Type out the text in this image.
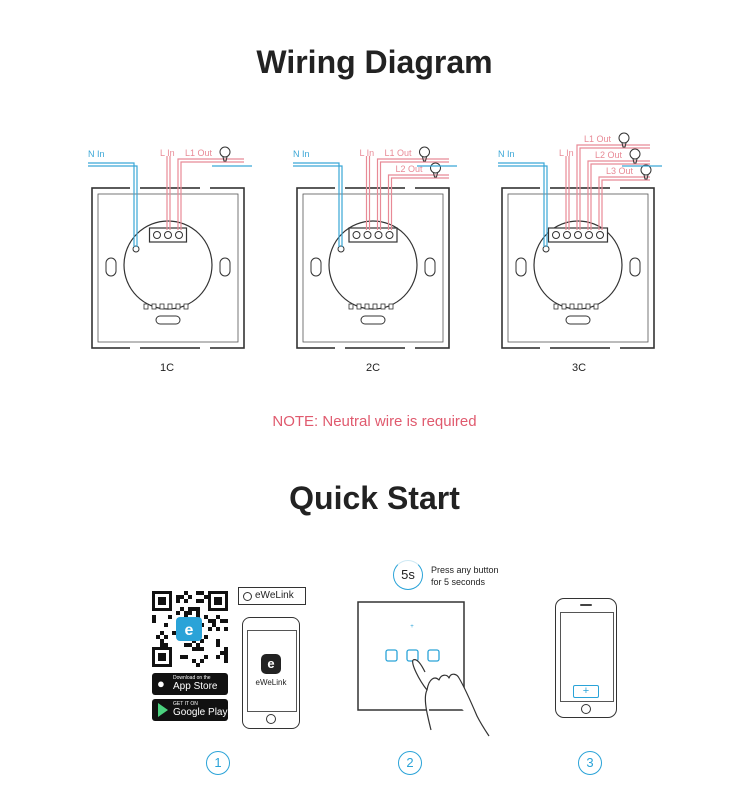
Wiring Diagram
N In	L In L1 Out	N In	L In L1 Out
L2 Out
N In	L In
L1 Out
L2 Out
L3 Out
1C	2C	3C
NOTE: Neutral wire is required
Quick Start
e
eWeLink
● Download on the
App Store
GET IT ON
Google Play
e
eWeLink
5s	Press any button
for 5 seconds
+
+
1	2	3
